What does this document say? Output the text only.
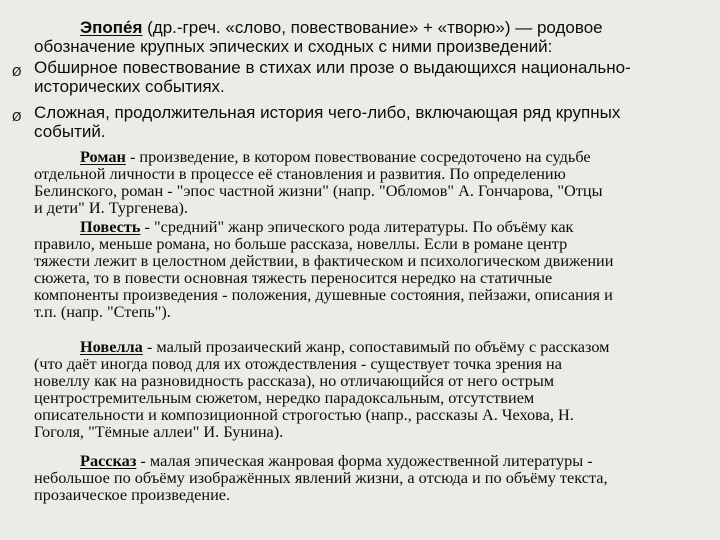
Эпопе́я (др.-греч. «слово, повествование» + «творю») — родовое
обозначение крупных эпических и сходных с ними произведений:
Ø Обширное повествование в стихах или прозе о выдающихся национально-
исторических событиях.
Ø Сложная, продолжительная история чего-либо, включающая ряд крупных
событий.
Роман - произведение, в котором повествование сосредоточено на судьбе
отдельной личности в процессе её становления и развития. По определению
Белинского, роман - "эпос частной жизни" (напр. "Обломов" А. Гончарова, "Отцы
и дети" И. Тургенева).
Повесть - "средний" жанр эпического рода литературы. По объёму как
правило, меньше романа, но больше рассказа, новеллы. Если в романе центр
тяжести лежит в целостном действии, в фактическом и психологическом движении
сюжета, то в повести основная тяжесть переносится нередко на статичные
компоненты произведения - положения, душевные состояния, пейзажи, описания и
т.п. (напр. "Степь").
Новелла - малый прозаический жанр, сопоставимый по объёму с рассказом
(что даёт иногда повод для их отождествления - существует точка зрения на
новеллу как на разновидность рассказа), но отличающийся от него острым
центростремительным сюжетом, нередко парадоксальным, отсутствием
описательности и композиционной строгостью (напр., рассказы А. Чехова, Н.
Гоголя, "Тёмные аллеи" И. Бунина).
Рассказ - малая эпическая жанровая форма художественной литературы -
небольшое по объёму изображённых явлений жизни, а отсюда и по объёму текста,
прозаическое произведение.
